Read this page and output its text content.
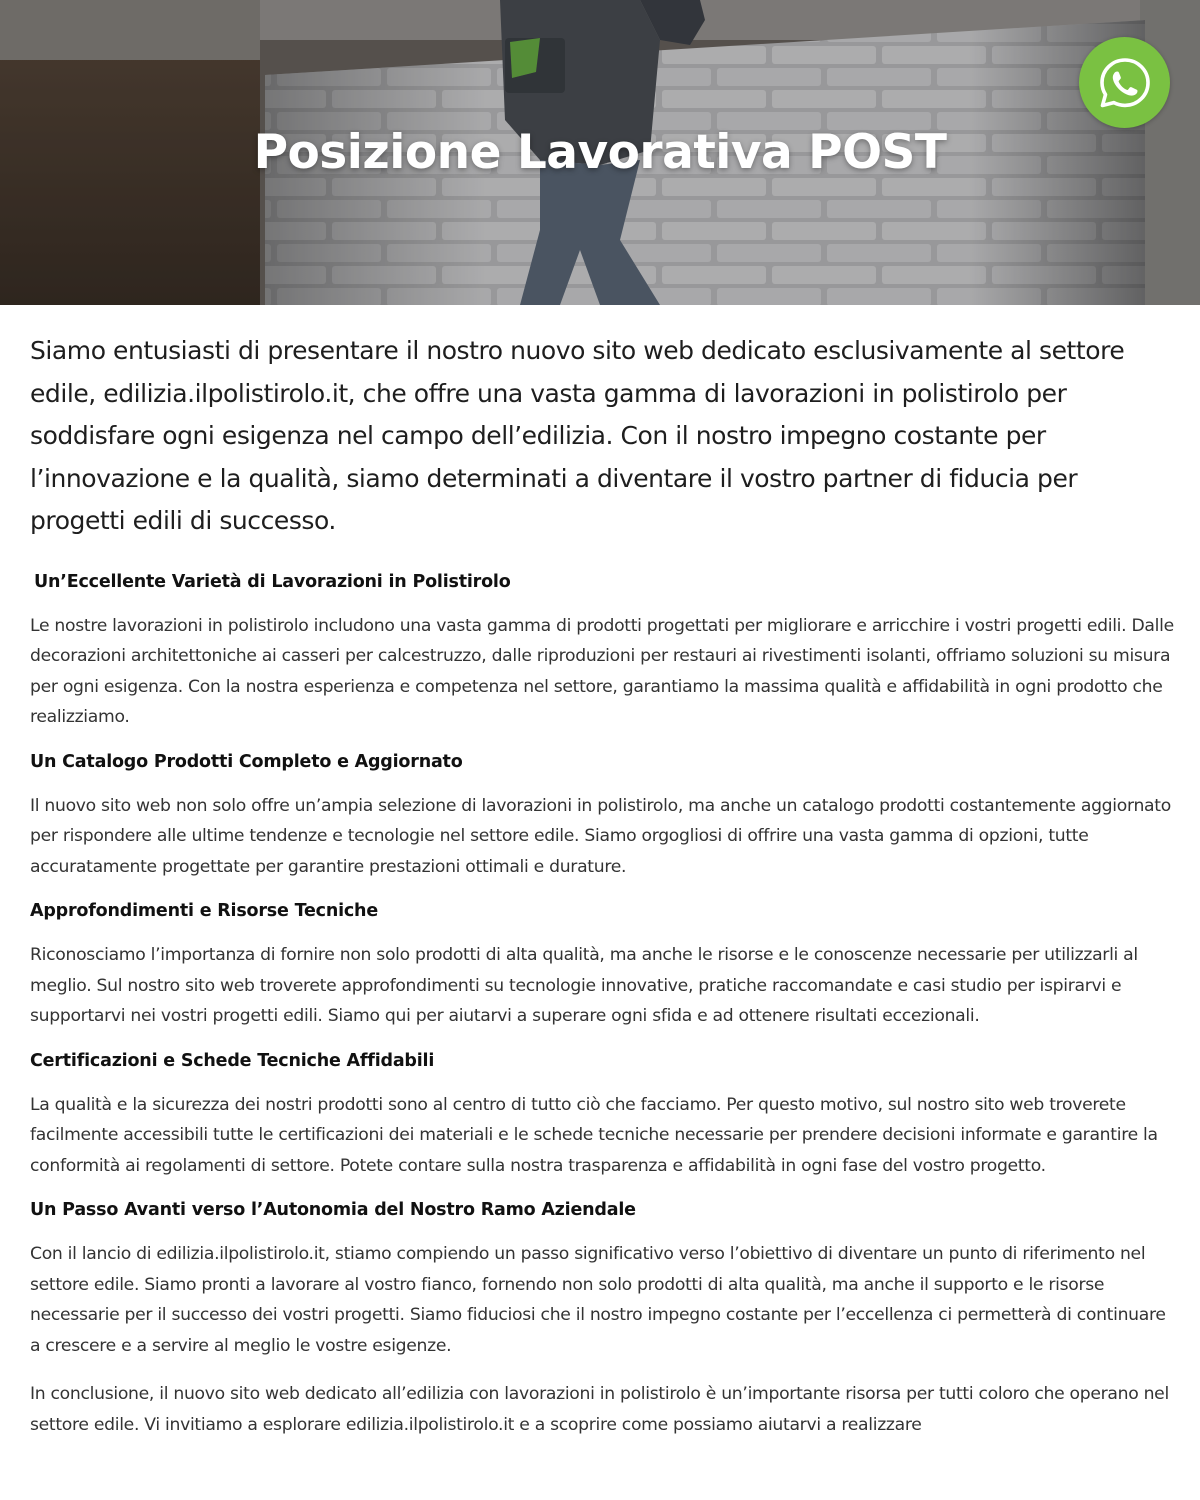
Posizione Lavorativa POST

Siamo entusiasti di presentare il nostro nuovo sito web dedicato esclusivamente al settore edile, edilizia.ilpolistirolo.it, che offre una vasta gamma di lavorazioni in polistirolo per soddisfare ogni esigenza nel campo dell’edilizia. Con il nostro impegno costante per l’innovazione e la qualità, siamo determinati a diventare il vostro partner di fiducia per progetti edili di successo.

Un’Eccellente Varietà di Lavorazioni in Polistirolo

Le nostre lavorazioni in polistirolo includono una vasta gamma di prodotti progettati per migliorare e arricchire i vostri progetti edili. Dalle decorazioni architettoniche ai casseri per calcestruzzo, dalle riproduzioni per restauri ai rivestimenti isolanti, offriamo soluzioni su misura per ogni esigenza. Con la nostra esperienza e competenza nel settore, garantiamo la massima qualità e affidabilità in ogni prodotto che realizziamo.

Un Catalogo Prodotti Completo e Aggiornato

Il nuovo sito web non solo offre un’ampia selezione di lavorazioni in polistirolo, ma anche un catalogo prodotti costantemente aggiornato per rispondere alle ultime tendenze e tecnologie nel settore edile. Siamo orgogliosi di offrire una vasta gamma di opzioni, tutte accuratamente progettate per garantire prestazioni ottimali e durature.

Approfondimenti e Risorse Tecniche

Riconosciamo l’importanza di fornire non solo prodotti di alta qualità, ma anche le risorse e le conoscenze necessarie per utilizzarli al meglio. Sul nostro sito web troverete approfondimenti su tecnologie innovative, pratiche raccomandate e casi studio per ispirarvi e supportarvi nei vostri progetti edili. Siamo qui per aiutarvi a superare ogni sfida e ad ottenere risultati eccezionali.

Certificazioni e Schede Tecniche Affidabili

La qualità e la sicurezza dei nostri prodotti sono al centro di tutto ciò che facciamo. Per questo motivo, sul nostro sito web troverete facilmente accessibili tutte le certificazioni dei materiali e le schede tecniche necessarie per prendere decisioni informate e garantire la conformità ai regolamenti di settore. Potete contare sulla nostra trasparenza e affidabilità in ogni fase del vostro progetto.

Un Passo Avanti verso l’Autonomia del Nostro Ramo Aziendale

Con il lancio di edilizia.ilpolistirolo.it, stiamo compiendo un passo significativo verso l’obiettivo di diventare un punto di riferimento nel settore edile. Siamo pronti a lavorare al vostro fianco, fornendo non solo prodotti di alta qualità, ma anche il supporto e le risorse necessarie per il successo dei vostri progetti. Siamo fiduciosi che il nostro impegno costante per l’eccellenza ci permetterà di continuare a crescere e a servire al meglio le vostre esigenze.

In conclusione, il nuovo sito web dedicato all’edilizia con lavorazioni in polistirolo è un’importante risorsa per tutti coloro che operano nel settore edile. Vi invitiamo a esplorare edilizia.ilpolistirolo.it e a scoprire come possiamo aiutarvi a realizzare
